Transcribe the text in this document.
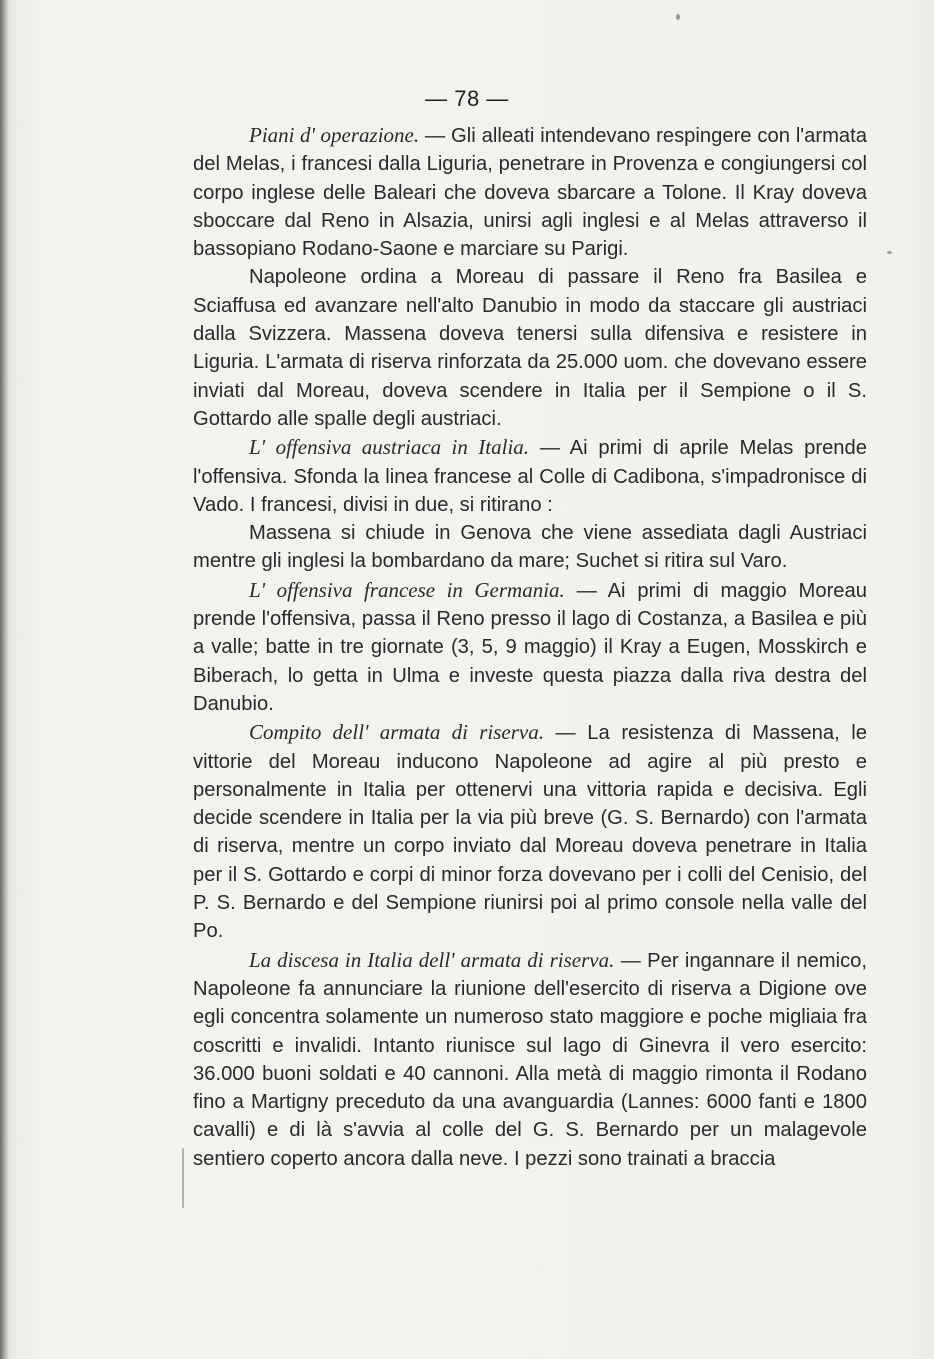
— 78 —

Piani d' operazione. — Gli alleati intendevano respingere con l'armata del Melas, i francesi dalla Liguria, penetrare in Provenza e congiungersi col corpo inglese delle Baleari che doveva sbarcare a Tolone. Il Kray doveva sboccare dal Reno in Alsazia, unirsi agli inglesi e al Melas attraverso il bassopiano Rodano-Saone e marciare su Parigi.

Napoleone ordina a Moreau di passare il Reno fra Basilea e Sciaffusa ed avanzare nell'alto Danubio in modo da staccare gli austriaci dalla Svizzera. Massena doveva tenersi sulla difensiva e resistere in Liguria. L'armata di riserva rinforzata da 25.000 uom. che dovevano essere inviati dal Moreau, doveva scendere in Italia per il Sempione o il S. Gottardo alle spalle degli austriaci.

L' offensiva austriaca in Italia. — Ai primi di aprile Melas prende l'offensiva. Sfonda la linea francese al Colle di Cadibona, s'impadronisce di Vado. I francesi, divisi in due, si ritirano :

Massena si chiude in Genova che viene assediata dagli Austriaci mentre gli inglesi la bombardano da mare; Suchet si ritira sul Varo.

L' offensiva francese in Germania. — Ai primi di maggio Moreau prende l'offensiva, passa il Reno presso il lago di Costanza, a Basilea e più a valle; batte in tre giornate (3, 5, 9 maggio) il Kray a Eugen, Mosskirch e Biberach, lo getta in Ulma e investe questa piazza dalla riva destra del Danubio.

Compito dell' armata di riserva. — La resistenza di Massena, le vittorie del Moreau inducono Napoleone ad agire al più presto e personalmente in Italia per ottenervi una vittoria rapida e decisiva. Egli decide scendere in Italia per la via più breve (G. S. Bernardo) con l'armata di riserva, mentre un corpo inviato dal Moreau doveva penetrare in Italia per il S. Gottardo e corpi di minor forza dovevano per i colli del Cenisio, del P. S. Bernardo e del Sempione riunirsi poi al primo console nella valle del Po.

La discesa in Italia dell' armata di riserva. — Per ingannare il nemico, Napoleone fa annunciare la riunione dell'esercito di riserva a Digione ove egli concentra solamente un numeroso stato maggiore e poche migliaia fra coscritti e invalidi. Intanto riunisce sul lago di Ginevra il vero esercito: 36.000 buoni soldati e 40 cannoni. Alla metà di maggio rimonta il Rodano fino a Martigny preceduto da una avanguardia (Lannes: 6000 fanti e 1800 cavalli) e di là s'avvia al colle del G. S. Bernardo per un malagevole sentiero coperto ancora dalla neve. I pezzi sono trainati a braccia
